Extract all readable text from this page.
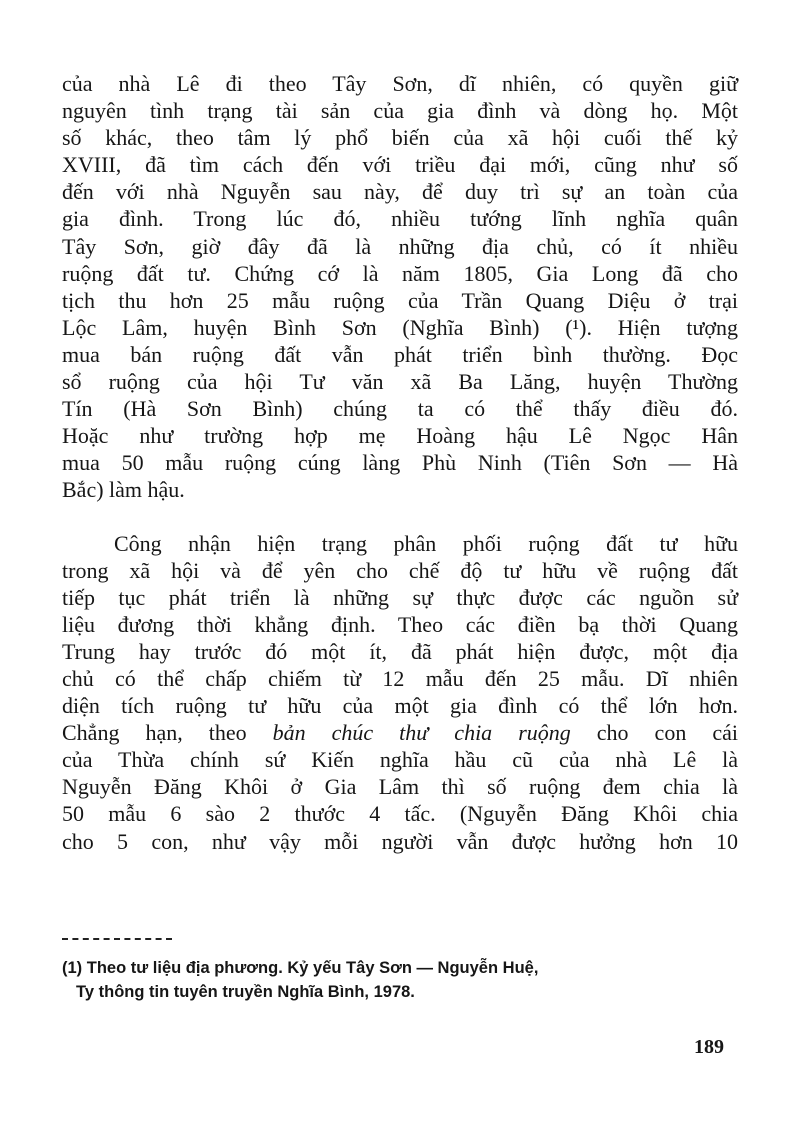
của nhà Lê đi theo Tây Sơn, dĩ nhiên, có quyền giữ
nguyên tình trạng tài sản của gia đình và dòng họ. Một
số khác, theo tâm lý phổ biến của xã hội cuối thế kỷ
XVIII, đã tìm cách đến với triều đại mới, cũng như số
đến với nhà Nguyễn sau này, để duy trì sự an toàn của
gia đình. Trong lúc đó, nhiều tướng lĩnh nghĩa quân
Tây Sơn, giờ đây đã là những địa chủ, có ít nhiều
ruộng đất tư. Chứng cớ là năm 1805, Gia Long đã cho
tịch thu hơn 25 mẫu ruộng của Trần Quang Diệu ở trại
Lộc Lâm, huyện Bình Sơn (Nghĩa Bình) (¹). Hiện tượng
mua bán ruộng đất vẫn phát triển bình thường. Đọc
sổ ruộng của hội Tư văn xã Ba Lăng, huyện Thường
Tín (Hà Sơn Bình) chúng ta có thể thấy điều đó.
Hoặc như trường hợp mẹ Hoàng hậu Lê Ngọc Hân
mua 50 mẫu ruộng cúng làng Phù Ninh (Tiên Sơn — Hà
Bắc) làm hậu.

Công nhận hiện trạng phân phối ruộng đất tư hữu
trong xã hội và để yên cho chế độ tư hữu về ruộng đất
tiếp tục phát triển là những sự thực được các nguồn sử
liệu đương thời khẳng định. Theo các điền bạ thời Quang
Trung hay trước đó một ít, đã phát hiện được, một địa
chủ có thể chấp chiếm từ 12 mẫu đến 25 mẫu. Dĩ nhiên
diện tích ruộng tư hữu của một gia đình có thể lớn hơn.
Chẳng hạn, theo bản chúc thư chia ruộng cho con cái
của Thừa chính sứ Kiến nghĩa hầu cũ của nhà Lê là
Nguyễn Đăng Khôi ở Gia Lâm thì số ruộng đem chia là
50 mẫu 6 sào 2 thước 4 tấc. (Nguyễn Đăng Khôi chia
cho 5 con, như vậy mỗi người vẫn được hưởng hơn 10

(1) Theo tư liệu địa phương. Kỷ yếu Tây Sơn — Nguyễn Huệ,
Ty thông tin tuyên truyền Nghĩa Bình, 1978.
189
